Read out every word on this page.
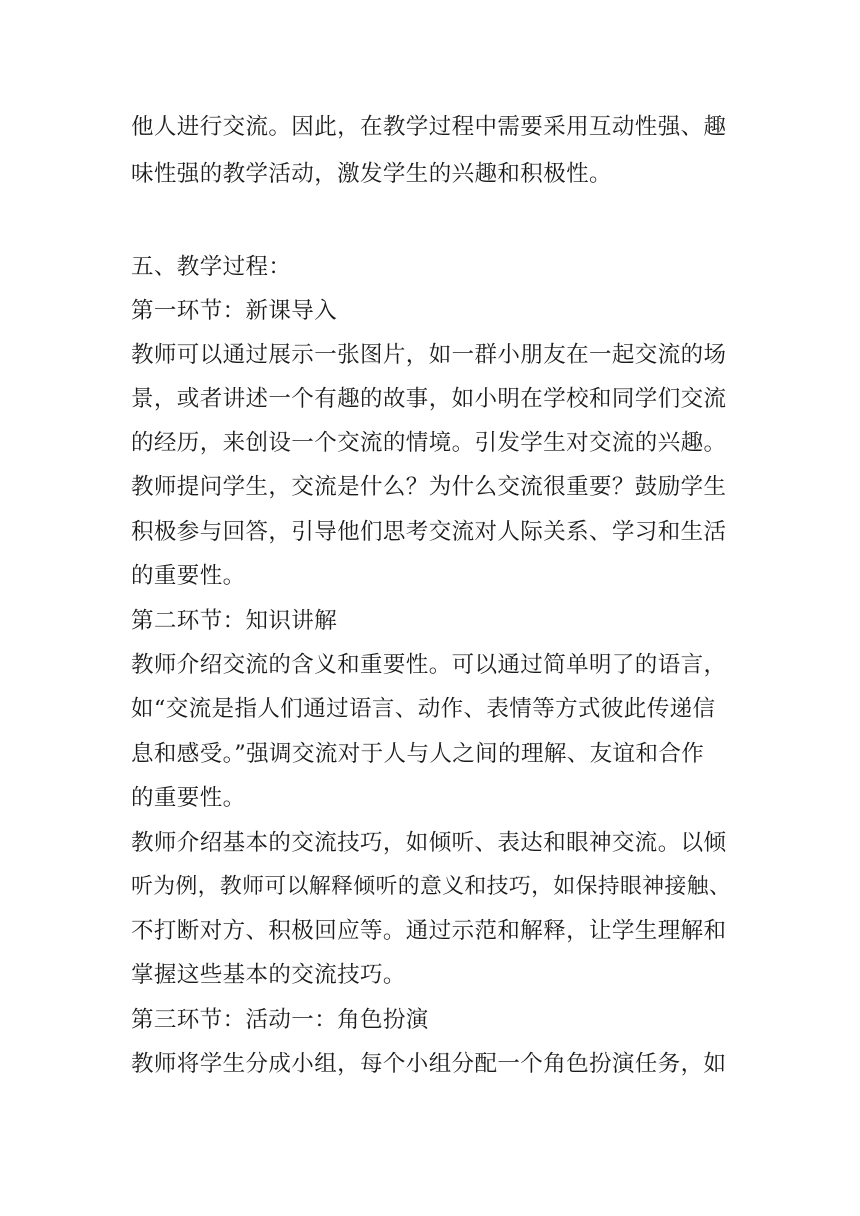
他人进行交流。因此，在教学过程中需要采用互动性强、趣
味性强的教学活动，激发学生的兴趣和积极性。
五、教学过程：
第一环节：新课导入
教师可以通过展示一张图片，如一群小朋友在一起交流的场
景，或者讲述一个有趣的故事，如小明在学校和同学们交流
的经历，来创设一个交流的情境。引发学生对交流的兴趣。
教师提问学生，交流是什么？为什么交流很重要？鼓励学生
积极参与回答，引导他们思考交流对人际关系、学习和生活
的重要性。
第二环节：知识讲解
教师介绍交流的含义和重要性。可以通过简单明了的语言，
如“交流是指人们通过语言、动作、表情等方式彼此传递信
息和感受。”强调交流对于人与人之间的理解、友谊和合作
的重要性。
教师介绍基本的交流技巧，如倾听、表达和眼神交流。以倾
听为例，教师可以解释倾听的意义和技巧，如保持眼神接触、
不打断对方、积极回应等。通过示范和解释，让学生理解和
掌握这些基本的交流技巧。
第三环节：活动一：角色扮演
教师将学生分成小组，每个小组分配一个角色扮演任务，如
